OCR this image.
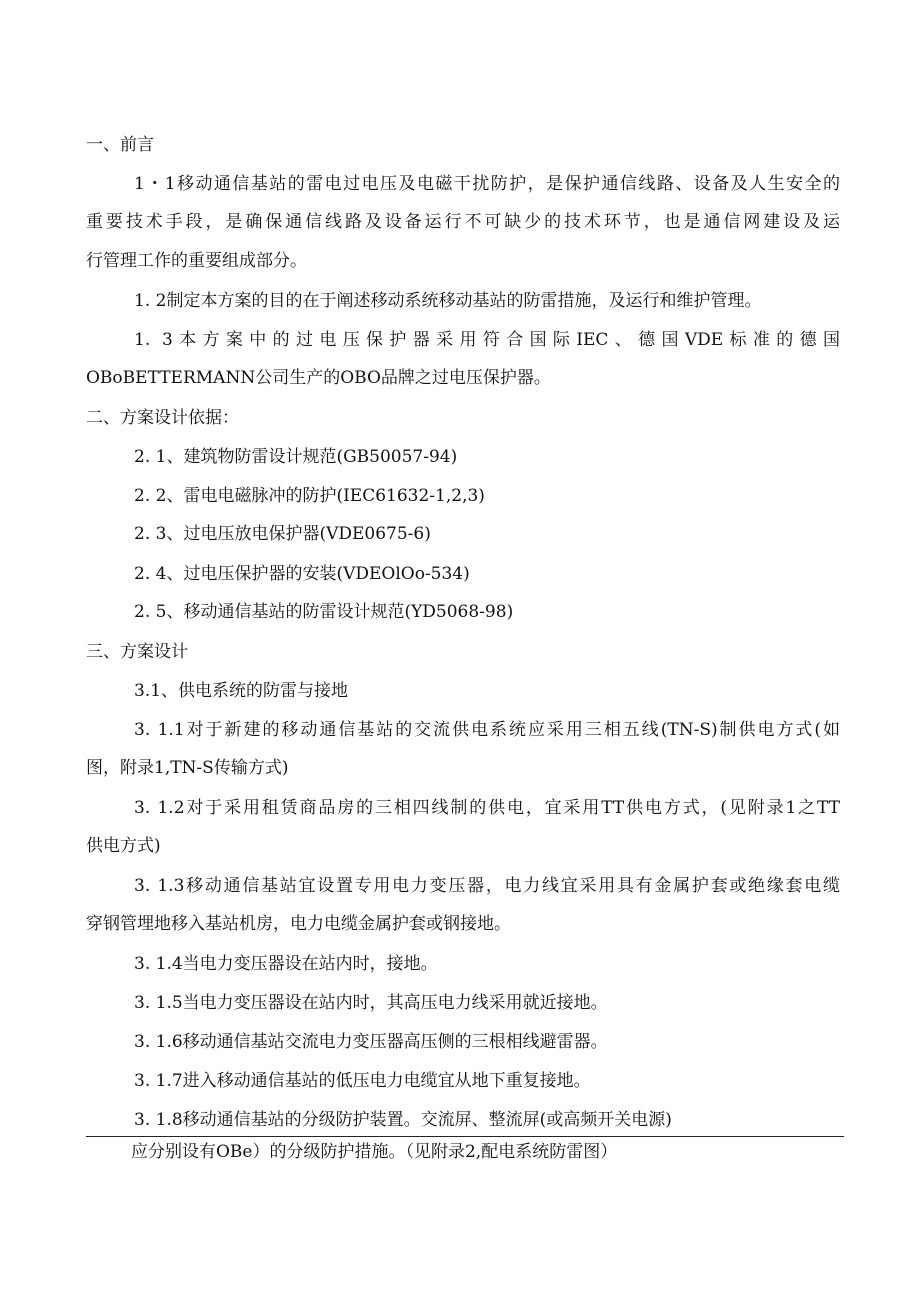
一、前言
1・1移动通信基站的雷电过电压及电磁干扰防护，是保护通信线路、设备及人生安全的
重要技术手段，是确保通信线路及设备运行不可缺少的技术环节，也是通信网建设及运
行管理工作的重要组成部分。
1. 2制定本方案的目的在于阐述移动系统移动基站的防雷措施，及运行和维护管理。
1. 3本方案中的过电压保护器采用符合国际IEC、德国VDE标准的德国
OBoBETTERMANN公司生产的OBO品牌之过电压保护器。
二、方案设计依据：
2. 1、建筑物防雷设计规范(GB50057-94)
2. 2、雷电电磁脉冲的防护(IEC61632-1,2,3)
2. 3、过电压放电保护器(VDE0675-6)
2. 4、过电压保护器的安装(VDEOlOo-534)
2. 5、移动通信基站的防雷设计规范(YD5068-98)
三、方案设计
3.1、供电系统的防雷与接地
3. 1.1对于新建的移动通信基站的交流供电系统应采用三相五线(TN-S)制供电方式(如
图，附录1,TN-S传输方式)
3. 1.2对于采用租赁商品房的三相四线制的供电，宜采用TT供电方式，(见附录1之TT
供电方式)
3. 1.3移动通信基站宜设置专用电力变压器，电力线宜采用具有金属护套或绝缘套电缆
穿钢管埋地移入基站机房，电力电缆金属护套或钢接地。
3. 1.4当电力变压器设在站内时，接地。
3. 1.5当电力变压器设在站内时，其高压电力线采用就近接地。
3. 1.6移动通信基站交流电力变压器高压侧的三根相线避雷器。
3. 1.7进入移动通信基站的低压电力电缆宜从地下重复接地。
3. 1.8移动通信基站的分级防护装置。交流屏、整流屏(或高频开关电源)
应分别设有OBe）的分级防护措施。（见附录2,配电系统防雷图）
